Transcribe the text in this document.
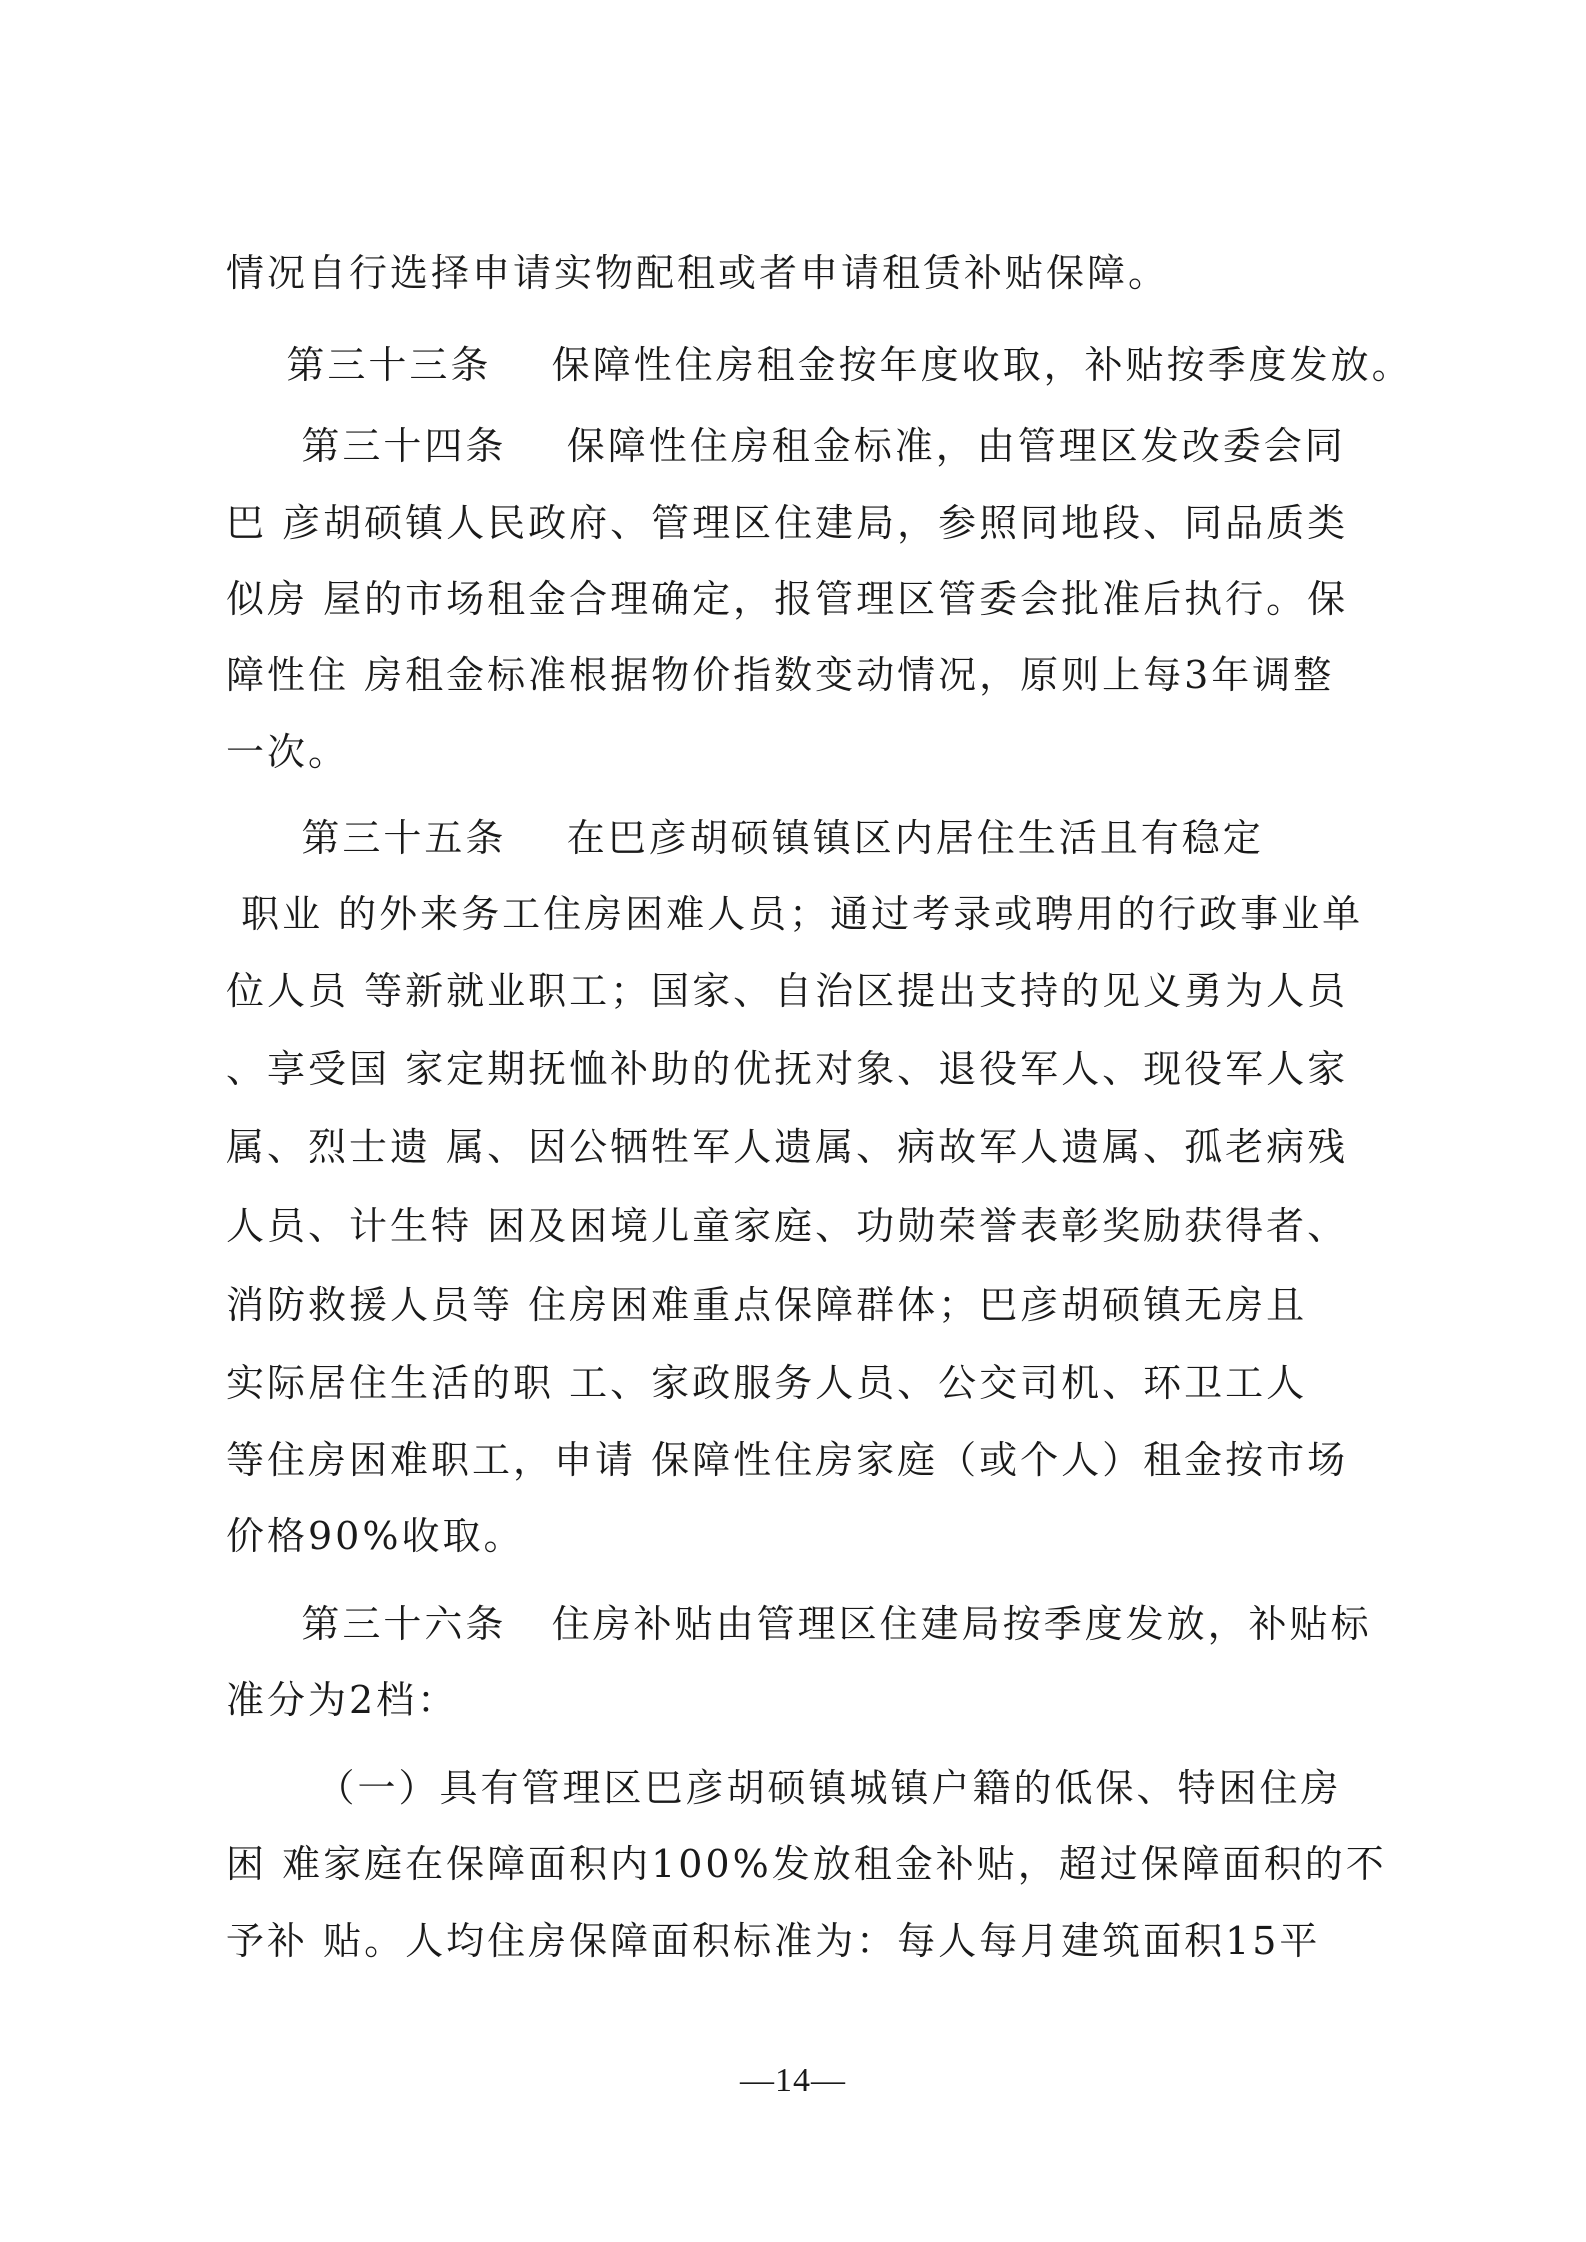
情况自行选择申请实物配租或者申请租赁补贴保障。
第三十三条    保障性住房租金按年度收取，补贴按季度发放。
第三十四条    保障性住房租金标准，由管理区发改委会同
巴 彦胡硕镇人民政府、管理区住建局，参照同地段、同品质类
似房 屋的市场租金合理确定，报管理区管委会批准后执行。保
障性住 房租金标准根据物价指数变动情况，原则上每3年调整
一次。
第三十五条    在巴彦胡硕镇镇区内居住生活且有稳定
职业 的外来务工住房困难人员；通过考录或聘用的行政事业单
位人员 等新就业职工；国家、自治区提出支持的见义勇为人员
、享受国 家定期抚恤补助的优抚对象、退役军人、现役军人家
属、烈士遗 属、因公牺牲军人遗属、病故军人遗属、孤老病残
人员、计生特 困及困境儿童家庭、功勋荣誉表彰奖励获得者、
消防救援人员等 住房困难重点保障群体；巴彦胡硕镇无房且
实际居住生活的职 工、家政服务人员、公交司机、环卫工人
等住房困难职工，申请 保障性住房家庭（或个人）租金按市场
价格90%收取。
第三十六条   住房补贴由管理区住建局按季度发放，补贴标
准分为2档：
（一）具有管理区巴彦胡硕镇城镇户籍的低保、特困住房
困 难家庭在保障面积内100%发放租金补贴，超过保障面积的不
予补 贴。人均住房保障面积标准为：每人每月建筑面积15平
—14—
